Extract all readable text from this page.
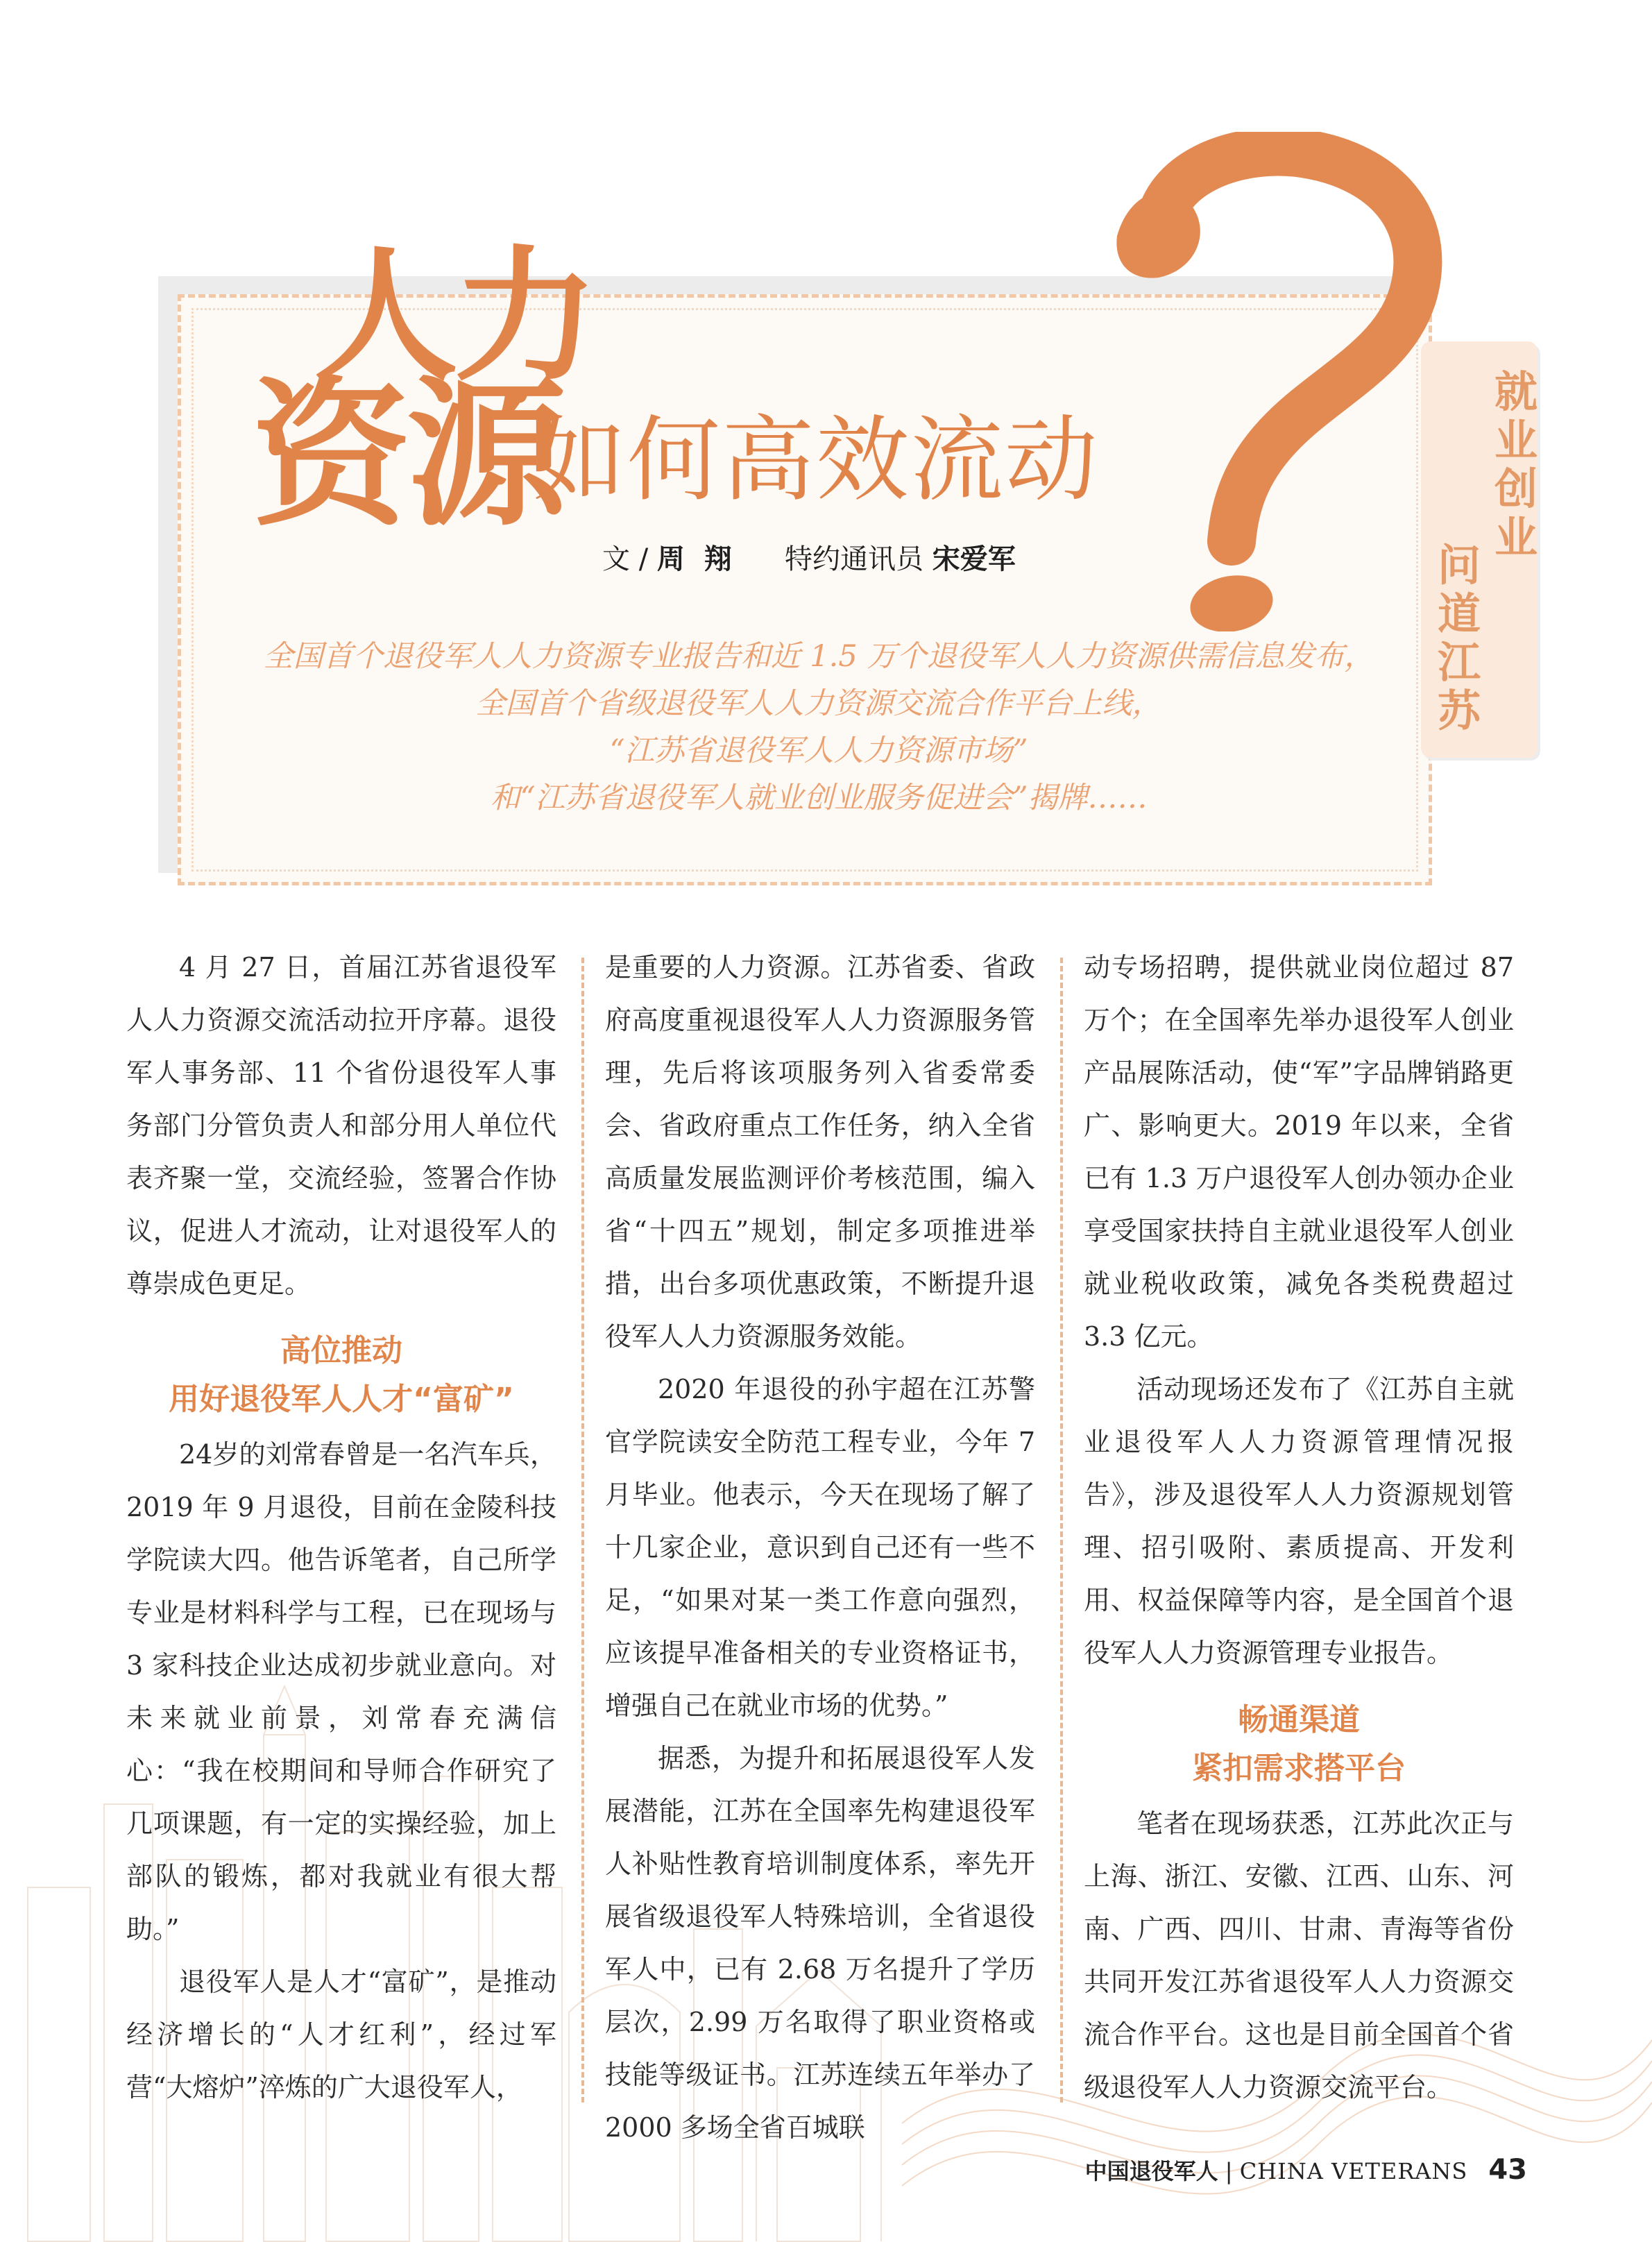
人力
资源
如何高效流动
文 / 周  翔      特约通讯员 宋爱军
全国首个退役军人人力资源专业报告和近 1.5 万个退役军人人力资源供需信息发布，
全国首个省级退役军人人力资源交流合作平台上线，
“江苏省退役军人人力资源市场”
和“江苏省退役军人就业创业服务促进会”揭牌……
就
业
创
业
问
道
江
苏

4 月 27 日，首届江苏省退役军人人力资源交流活动拉开序幕。退役军人事务部、11 个省份退役军人事务部门分管负责人和部分用人单位代表齐聚一堂，交流经验，签署合作协议，促进人才流动，让对退役军人的尊崇成色更足。

高位推动
用好退役军人人才“富矿”

24岁的刘常春曾是一名汽车兵，2019 年 9 月退役，目前在金陵科技学院读大四。他告诉笔者，自己所学专业是材料科学与工程，已在现场与 3 家科技企业达成初步就业意向。对未来就业前景，刘常春充满信心：“我在校期间和导师合作研究了几项课题，有一定的实操经验，加上部队的锻炼，都对我就业有很大帮助。”

退役军人是人才“富矿”，是推动经济增长的“人才红利”，经过军营“大熔炉”淬炼的广大退役军人，

是重要的人力资源。江苏省委、省政府高度重视退役军人人力资源服务管理，先后将该项服务列入省委常委会、省政府重点工作任务，纳入全省高质量发展监测评价考核范围，编入省“十四五”规划，制定多项推进举措，出台多项优惠政策，不断提升退役军人人力资源服务效能。

2020 年退役的孙宇超在江苏警官学院读安全防范工程专业，今年 7 月毕业。他表示，今天在现场了解了十几家企业，意识到自己还有一些不足，“如果对某一类工作意向强烈，应该提早准备相关的专业资格证书，增强自己在就业市场的优势。”

据悉，为提升和拓展退役军人发展潜能，江苏在全国率先构建退役军人补贴性教育培训制度体系，率先开展省级退役军人特殊培训，全省退役军人中，已有 2.68 万名提升了学历层次，2.99 万名取得了职业资格或技能等级证书。江苏连续五年举办了 2000 多场全省百城联

动专场招聘，提供就业岗位超过 87 万个；在全国率先举办退役军人创业产品展陈活动，使“军”字品牌销路更广、影响更大。2019 年以来，全省已有 1.3 万户退役军人创办领办企业享受国家扶持自主就业退役军人创业就业税收政策，减免各类税费超过 3.3 亿元。

活动现场还发布了《江苏自主就业退役军人人力资源管理情况报告》，涉及退役军人人力资源规划管理、招引吸附、素质提高、开发利用、权益保障等内容，是全国首个退役军人人力资源管理专业报告。

畅通渠道
紧扣需求搭平台

笔者在现场获悉，江苏此次正与上海、浙江、安徽、江西、山东、河南、广西、四川、甘肃、青海等省份共同开发江苏省退役军人人力资源交流合作平台。这也是目前全国首个省级退役军人人力资源交流平台。

中国退役军人 | CHINA VETERANS 43
